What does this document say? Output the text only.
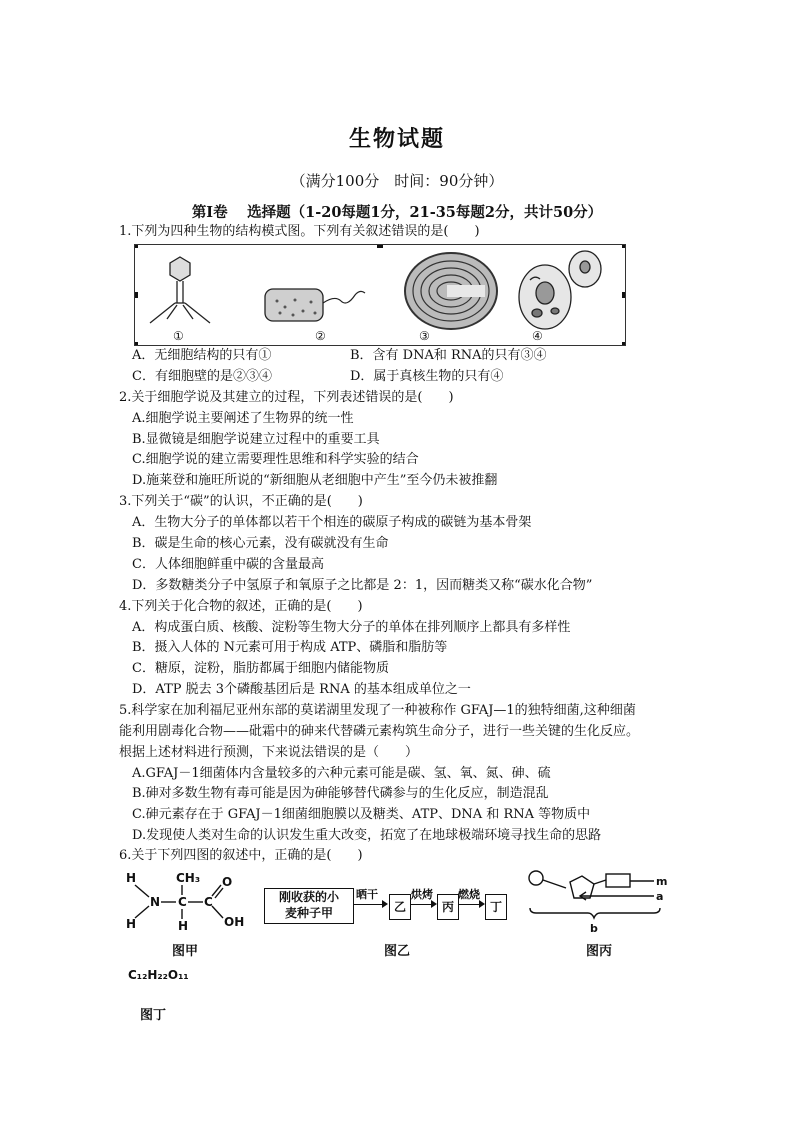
生物试题
（满分100分　时间：90分钟）
第Ⅰ卷　 选择题（1-20每题1分，21-35每题2分，共计50分）
1.下列为四种生物的结构模式图。下列有关叙述错误的是(　　)
①	②	③	④
A．无细胞结构的只有①	B．含有 DNA和 RNA的只有③④
C．有细胞壁的是②③④	D．属于真核生物的只有④
2.关于细胞学说及其建立的过程，下列表述错误的是(　　)
A.细胞学说主要阐述了生物界的统一性
B.显微镜是细胞学说建立过程中的重要工具
C.细胞学说的建立需要理性思维和科学实验的结合
D.施莱登和施旺所说的“新细胞从老细胞中产生”至今仍未被推翻
3.下列关于“碳”的认识，不正确的是(　　)
A．生物大分子的单体都以若干个相连的碳原子构成的碳链为基本骨架
B．碳是生命的核心元素，没有碳就没有生命
C．人体细胞鲜重中碳的含量最高
D．多数糖类分子中氢原子和氧原子之比都是 2：1，因而糖类又称“碳水化合物”
4.下列关于化合物的叙述，正确的是(　　)
A．构成蛋白质、核酸、淀粉等生物大分子的单体在排列顺序上都具有多样性
B．摄入人体的 N元素可用于构成 ATP、磷脂和脂肪等
C．糖原，淀粉，脂肪都属于细胞内储能物质
D．ATP 脱去 3个磷酸基团后是 RNA 的基本组成单位之一
5.科学家在加利福尼亚州东部的莫诺湖里发现了一种被称作 GFAJ—1的独特细菌,这种细菌
能利用剧毒化合物——砒霜中的砷来代替磷元素构筑生命分子，进行一些关键的生化反应。
根据上述材料进行预测，下来说法错误的是（　　）
A.GFAJ－1细菌体内含量较多的六种元素可能是碳、氢、氧、氮、砷、硫
B.砷对多数生物有毒可能是因为砷能够替代磷参与的生化反应，制造混乱
C.砷元素存在于 GFAJ－1细菌细胞膜以及糖类、ATP、DNA 和 RNA 等物质中
D.发现使人类对生命的认识发生重大改变，拓宽了在地球极端环境寻找生命的思路
6.关于下列四图的叙述中，正确的是(　　)
H	CH₃ O
N C C
H	H	OH
图甲
刚收获的小
麦种子甲
晒干
乙
烘烤
丙
燃烧
丁
图乙
m
a
b
图丙
C₁₂H₂₂O₁₁
图丁
